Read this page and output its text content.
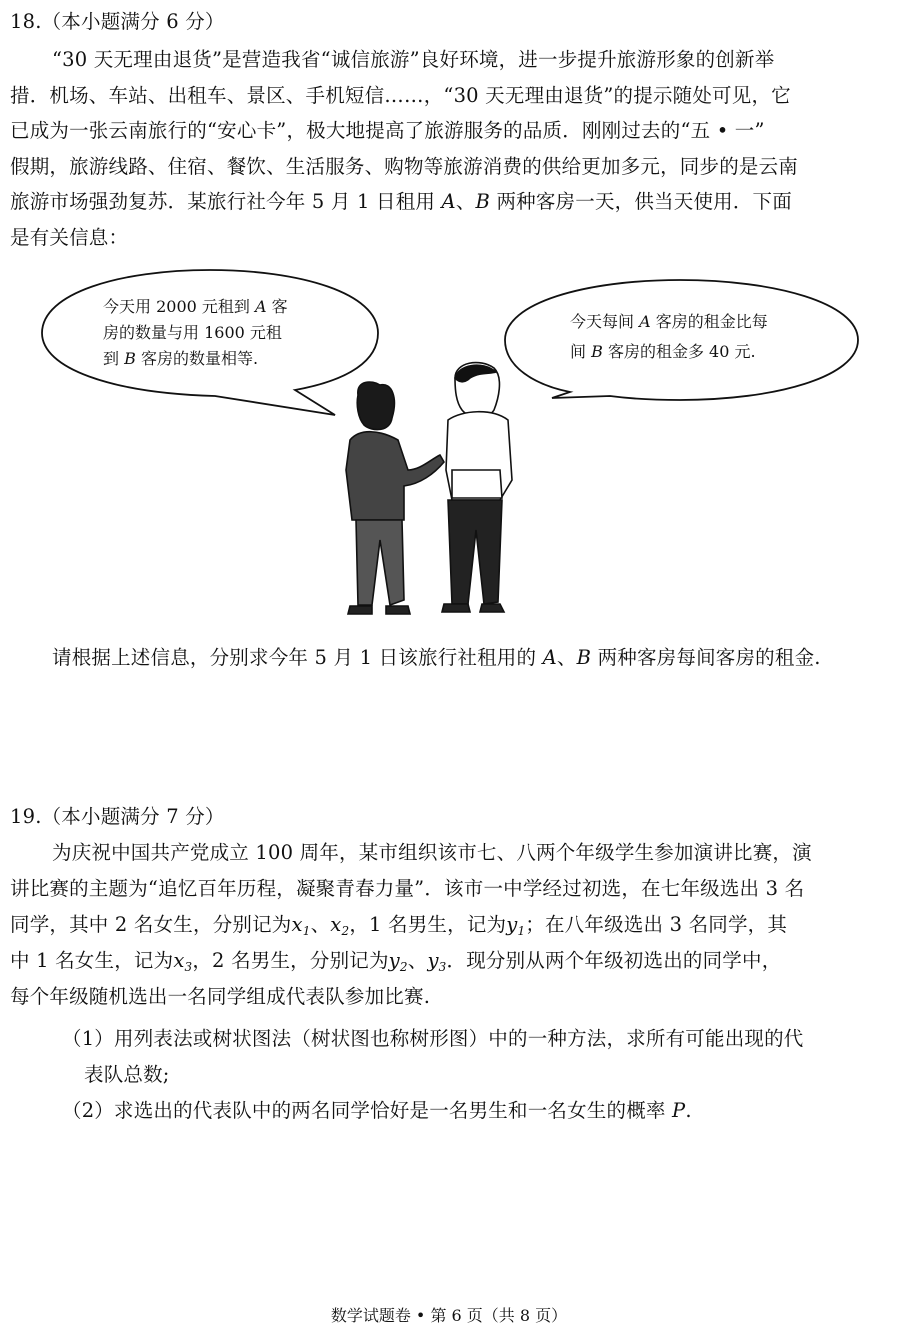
18.（本小题满分 6 分）
“30 天无理由退货”是营造我省“诚信旅游”良好环境，进一步提升旅游形象的创新举
措．机场、车站、出租车、景区、手机短信……，“30 天无理由退货”的提示随处可见，它
已成为一张云南旅行的“安心卡”，极大地提高了旅游服务的品质．刚刚过去的“五 • 一”
假期，旅游线路、住宿、餐饮、生活服务、购物等旅游消费的供给更加多元，同步的是云南
旅游市场强劲复苏．某旅行社今年 5 月 1 日租用 A、B 两种客房一天，供当天使用．下面
是有关信息：
今天用 2000 元租到 A 客
房的数量与用 1600 元租
到 B 客房的数量相等.
今天每间 A 客房的租金比每
间 B 客房的租金多 40 元.
请根据上述信息，分别求今年 5 月 1 日该旅行社租用的 A、B 两种客房每间客房的租金.
19.（本小题满分 7 分）
为庆祝中国共产党成立 100 周年，某市组织该市七、八两个年级学生参加演讲比赛，演
讲比赛的主题为“追忆百年历程，凝聚青春力量”．该市一中学经过初选，在七年级选出 3 名
同学，其中 2 名女生，分别记为$x_1$、$x_2$，1 名男生，记为$y_1$；在八年级选出 3 名同学，其
中 1 名女生，记为$x_3$，2 名男生，分别记为$y_2$、$y_3$．现分别从两个年级初选出的同学中，
每个年级随机选出一名同学组成代表队参加比赛.
（1）用列表法或树状图法（树状图也称树形图）中的一种方法，求所有可能出现的代
表队总数;
（2）求选出的代表队中的两名同学恰好是一名男生和一名女生的概率 P.
数学试题卷 • 第 6 页（共 8 页）
